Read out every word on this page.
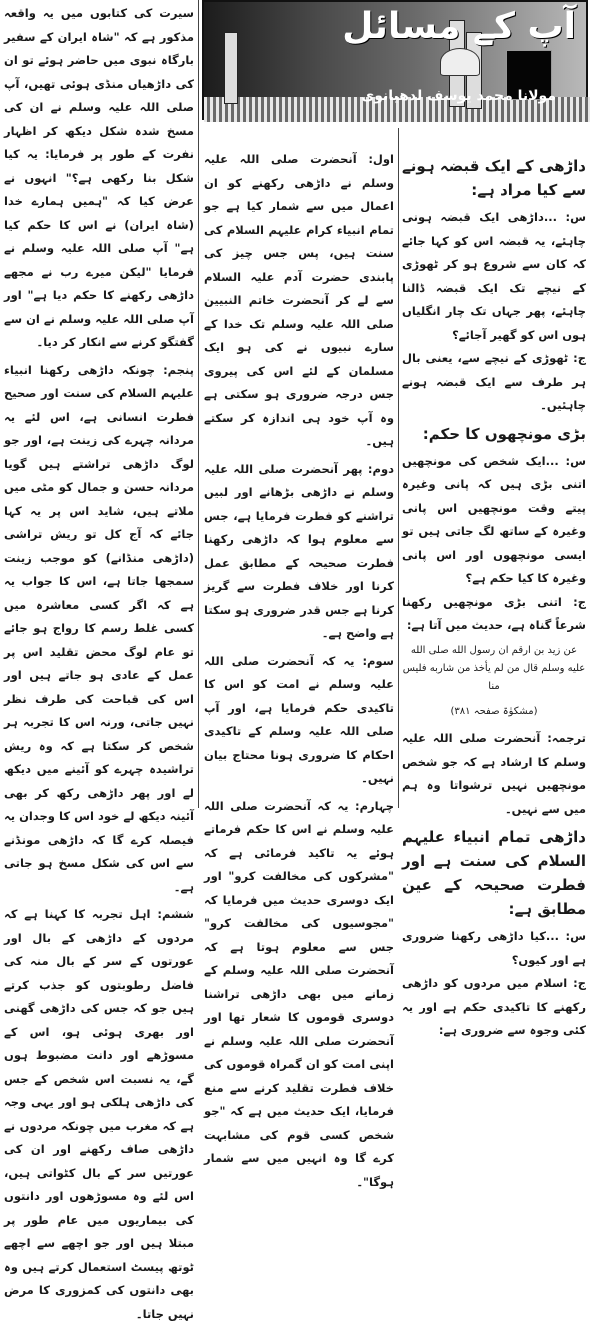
آپ کے مسائل
مولانا محمد یوسف لدھیانوی
داڑھی کے ایک قبضہ ہونے سے کیا مراد ہے:

س: ...داڑھی ایک قبضہ ہونی چاہئے، یہ قبضہ اس کو کہا جائے کہ کان سے شروع ہو کر ٹھوڑی کے نیچے تک ایک قبضہ ڈالنا چاہئے، پھر جہاں تک چار انگلیاں ہوں اس کو گھیر آجائے؟

ج: ٹھوڑی کے نیچے سے، یعنی بال ہر طرف سے ایک قبضہ ہونے چاہئیں۔

بڑی مونچھوں کا حکم:

س: ...ایک شخص کی مونچھیں اتنی بڑی ہیں کہ پانی وغیرہ پیتے وقت مونچھیں اس پانی وغیرہ کے ساتھ لگ جاتی ہیں تو ایسی مونچھوں اور اس پانی وغیرہ کا کیا حکم ہے؟

ج: اتنی بڑی مونچھیں رکھنا شرعاً گناہ ہے، حدیث میں آتا ہے:

عن زيد بن ارقم ان رسول الله صلى الله عليه وسلم قال من لم يأخذ من شاربه فليس منا

(مشکوٰۃ صفحہ ۳۸۱)

ترجمہ: آنحضرت صلی اللہ علیہ وسلم کا ارشاد ہے کہ جو شخص مونچھیں نہیں ترشواتا وہ ہم میں سے نہیں۔

داڑھی تمام انبیاء علیہم السلام کی سنت ہے اور فطرت صحیحہ کے عین مطابق ہے:

س: ...کیا داڑھی رکھنا ضروری ہے اور کیوں؟

ج: اسلام میں مردوں کو داڑھی رکھنے کا تاکیدی حکم ہے اور یہ کئی وجوہ سے ضروری ہے:

اول: آنحضرت صلی اللہ علیہ وسلم نے داڑھی رکھنے کو ان اعمال میں سے شمار کیا ہے جو تمام انبیاء کرام علیہم السلام کی سنت ہیں، پس جس چیز کی پابندی حضرت آدم علیہ السلام سے لے کر آنحضرت خاتم النبیین صلی اللہ علیہ وسلم تک خدا کے سارے نبیوں نے کی ہو ایک مسلمان کے لئے اس کی پیروی جس درجہ ضروری ہو سکتی ہے وہ آپ خود ہی اندازہ کر سکتے ہیں۔

دوم: پھر آنحضرت صلی اللہ علیہ وسلم نے داڑھی بڑھانے اور لبیں تراشنے کو فطرت فرمایا ہے، جس سے معلوم ہوا کہ داڑھی رکھنا فطرت صحیحہ کے مطابق عمل کرنا اور خلاف فطرت سے گریز کرنا ہے جس قدر ضروری ہو سکتا ہے واضح ہے۔

سوم: یہ کہ آنحضرت صلی اللہ علیہ وسلم نے امت کو اس کا تاکیدی حکم فرمایا ہے، اور آپ صلی اللہ علیہ وسلم کے تاکیدی احکام کا ضروری ہونا محتاج بیان نہیں۔

چہارم: یہ کہ آنحضرت صلی اللہ علیہ وسلم نے اس کا حکم فرماتے ہوئے یہ تاکید فرمائی ہے کہ "مشرکوں کی مخالفت کرو" اور ایک دوسری حدیث میں فرمایا کہ "مجوسیوں کی مخالفت کرو" جس سے معلوم ہوتا ہے کہ آنحضرت صلی اللہ علیہ وسلم کے زمانے میں بھی داڑھی تراشنا دوسری قوموں کا شعار تھا اور آنحضرت صلی اللہ علیہ وسلم نے اپنی امت کو ان گمراہ قوموں کی خلاف فطرت تقلید کرنے سے منع فرمایا، ایک حدیث میں ہے کہ "جو شخص کسی قوم کی مشابہت کرے گا وہ انہیں میں سے شمار ہوگا"۔

سیرت کی کتابوں میں یہ واقعہ مذکور ہے کہ "شاہ ایران کے سفیر بارگاہ نبوی میں حاضر ہوئے تو ان کی داڑھیاں منڈی ہوئی تھیں، آپ صلی اللہ علیہ وسلم نے ان کی مسخ شدہ شکل دیکھ کر اظہار نفرت کے طور پر فرمایا: یہ کیا شکل بنا رکھی ہے؟" انہوں نے عرض کیا کہ "ہمیں ہمارے خدا (شاہ ایران) نے اس کا حکم کیا ہے" آپ صلی اللہ علیہ وسلم نے فرمایا "لیکن میرے رب نے مجھے داڑھی رکھنے کا حکم دیا ہے" اور آپ صلی اللہ علیہ وسلم نے ان سے گفتگو کرنے سے انکار کر دیا۔

پنجم: چونکہ داڑھی رکھنا انبیاء علیہم السلام کی سنت اور صحیح فطرت انسانی ہے، اس لئے یہ مردانہ چہرے کی زینت ہے، اور جو لوگ داڑھی تراشتے ہیں گویا مردانہ حسن و جمال کو مٹی میں ملاتے ہیں، شاید اس پر یہ کہا جائے کہ آج کل تو ریش تراشی (داڑھی منڈانے) کو موجب زینت سمجھا جاتا ہے، اس کا جواب یہ ہے کہ اگر کسی معاشرہ میں کسی غلط رسم کا رواج ہو جائے تو عام لوگ محض تقلید اس پر عمل کے عادی ہو جاتے ہیں اور اس کی قباحت کی طرف نظر نہیں جاتی، ورنہ اس کا تجربہ ہر شخص کر سکتا ہے کہ وہ ریش تراشیدہ چہرے کو آئینے میں دیکھ لے اور پھر داڑھی رکھ کر بھی آئینہ دیکھ لے خود اس کا وجدان یہ فیصلہ کرے گا کہ داڑھی مونڈنے سے اس کی شکل مسخ ہو جاتی ہے۔

ششم: اہل تجربہ کا کہنا ہے کہ مردوں کے داڑھی کے بال اور عورتوں کے سر کے بال منہ کی فاضل رطوبتوں کو جذب کرتے ہیں جو کہ جس کی داڑھی گھنی اور بھری ہوئی ہو، اس کے مسوڑھے اور دانت مضبوط ہوں گے، یہ نسبت اس شخص کے جس کی داڑھی ہلکی ہو اور یہی وجہ ہے کہ مغرب میں چونکہ مردوں نے داڑھی صاف رکھنے اور ان کی عورتیں سر کے بال کٹواتی ہیں، اس لئے وہ مسوڑھوں اور دانتوں کی بیماریوں میں عام طور پر مبتلا ہیں اور جو اچھے سے اچھے ٹوتھ پیسٹ استعمال کرتے ہیں وہ بھی دانتوں کی کمزوری کا مرض نہیں جاتا۔
